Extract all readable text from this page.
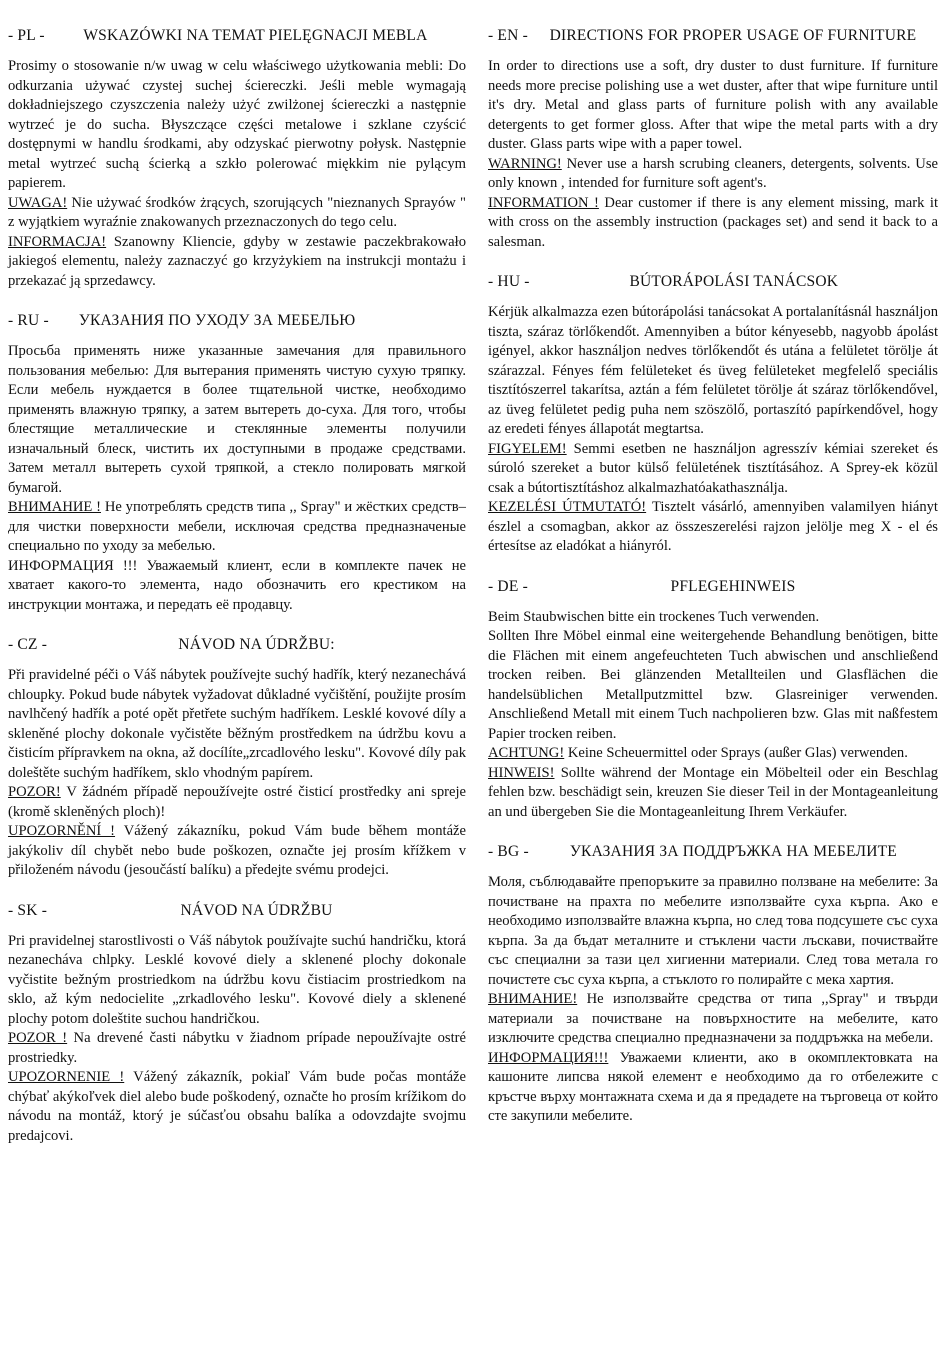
- PL -	WSKAZÓWKI NA TEMAT PIELĘGNACJI MEBLA

Prosimy o stosowanie n/w uwag w celu właściwego użytkowania mebli: Do odkurzania używać czystej suchej ściereczki. Jeśli meble wymagają dokładniejszego czyszczenia należy użyć zwilżonej ściereczki a następnie wytrzeć je do sucha. Błyszczące części metalowe i szklane czyścić dostępnymi w handlu środkami, aby odzyskać pierwotny połysk. Następnie metal wytrzeć suchą ścierką a szkło polerować miękkim nie pylącym papierem.

UWAGA! Nie używać środków żrących, szorujących "nieznanych Sprayów " z wyjątkiem wyraźnie znakowanych przeznaczonych do tego celu.

INFORMACJA! Szanowny Kliencie, gdyby w zestawie paczekbrakowało jakiegoś elementu, należy zaznaczyć go krzyżykiem na instrukcji montażu i przekazać ją sprzedawcy.

- RU -	УКАЗАНИЯ ПО УХОДУ ЗА МЕБЕЛЬЮ

Просьба применять ниже указанные замечания для правильного пользования мебелью: Для вытерания применять чистую сухую тряпку. Если мебель нуждается в более тщательной чистке, необходимо применять влажную тряпку, а затем вытереть до-суха. Для того, чтобы блестящие металлические и стеклянные элементы получили изначальный блеск, чистить их доступными в продаже средствами. Затем металл вытереть сухой тряпкой, а стекло полировать мягкой бумагой.

ВНИМАНИЕ ! Не употреблять средств типа ,, Spray" и жёстких средств– для чистки поверхности мебели, исключая средства предназначеные специально по уходу за мебелью.

ИНФОРМАЦИЯ !!! Уважаемый клиент, если в комплекте пачек не хватает какого-то элемента, надо обозначить его крестиком на инструкции монтажа, и передать её продавцу.

- CZ -	NÁVOD NA ÚDRŽBU:

Při pravidelné péči o Váš nábytek používejte suchý hadřík, který nezanechává chloupky. Pokud bude nábytek vyžadovat důkladné vyčištění, použijte prosím navlhčený hadřík a poté opět přetřete suchým hadříkem. Lesklé kovové díly a skleněné plochy dokonale vyčistěte běžným prostředkem na údržbu kovu a čisticím přípravkem na okna, až docílíte„zrcadlového lesku". Kovové díly pak doleštěte suchým hadříkem, sklo vhodným papírem.

POZOR! V žádném případě nepoužívejte ostré čisticí prostředky ani spreje (kromě skleněných ploch)!

UPOZORNĚNÍ ! Vážený zákazníku, pokud Vám bude během montáže jakýkoliv díl chybět nebo bude poškozen, označte jej prosím křížkem v přiloženém návodu (jesoučástí balíku) a předejte svému prodejci.

- SK -	NÁVOD NA ÚDRŽBU

Pri pravidelnej starostlivosti o Váš nábytok používajte suchú handričku, ktorá nezanecháva chlpky. Lesklé kovové diely a sklenené plochy dokonale vyčistite bežným prostriedkom na údržbu kovu čistiacim prostriedkom na sklo, až kým nedocielite „zrkadlového lesku". Kovové diely a sklenené plochy potom doleštite suchou handričkou.

POZOR ! Na drevené časti nábytku v žiadnom prípade nepoužívajte ostré prostriedky.

UPOZORNENIE ! Vážený zákazník, pokiaľ Vám bude počas montáže chýbať akýkoľvek diel alebo bude poškodený, označte ho prosím krížikom do návodu na montáž, ktorý je súčasťou obsahu balíka a odovzdajte svojmu predajcovi.

- EN -	DIRECTIONS FOR PROPER USAGE OF FURNITURE

In order to directions use a soft, dry duster to dust furniture. If furniture needs more precise polishing use a wet duster, after that wipe furniture until it's dry. Metal and glass parts of furniture polish with any available detergents to get former gloss. After that wipe the metal parts with a dry duster. Glass parts wipe with a paper towel.

WARNING! Never use a harsh scrubing cleaners, detergents, solvents. Use only known , intended for furniture soft agent's.

INFORMATION ! Dear customer if there is any element missing, mark it with cross on the assembly instruction (packages set) and send it back to a salesman.

- HU -	BÚTORÁPOLÁSI TANÁCSOK

Kérjük alkalmazza ezen bútorápolási tanácsokat A portalanításnál használjon tiszta, száraz törlőkendőt. Amennyiben a bútor kényesebb, nagyobb ápolást igényel, akkor használjon nedves törlőkendőt és utána a felületet törölje át szárazzal. Fényes fém felületeket és üveg felületeket megfelelő speciális tisztítószerrel takarítsa, aztán a fém felületet törölje át száraz törlőkendővel, az üveg felületet pedig puha nem szöszölő, portaszító papírkendővel, hogy az eredeti fényes állapotát megtartsa.

FIGYELEM! Semmi esetben ne használjon agresszív kémiai szereket és súroló szereket a butor külső felületének tisztításához. A Sprey-ek közül csak a bútortisztításhoz alkalmazhatóakathasználja.

KEZELÉSI ÚTMUTATÓ! Tisztelt vásárló, amennyiben valamilyen hiányt észlel a csomagban, akkor az összeszerelési rajzon jelölje meg X - el és értesítse az eladókat a hiányról.

- DE -	PFLEGEHINWEIS

Beim Staubwischen bitte ein trockenes Tuch verwenden.

Sollten Ihre Möbel einmal eine weitergehende Behandlung benötigen, bitte die Flächen mit einem angefeuchteten Tuch abwischen und anschließend trocken reiben. Bei glänzenden Metallteilen und Glasflächen die handelsüblichen Metallputzmittel bzw. Glasreiniger verwenden. Anschließend Metall mit einem Tuch nachpolieren bzw. Glas mit naßfestem Papier trocken reiben.

ACHTUNG! Keine Scheuermittel oder Sprays (außer Glas) verwenden.

HINWEIS! Sollte während der Montage ein Möbelteil oder ein Beschlag fehlen bzw. beschädigt sein, kreuzen Sie dieser Teil in der Montageanleitung an und übergeben Sie die Montageanleitung Ihrem Verkäufer.

- BG -	УКАЗАНИЯ ЗА ПОДДРЪЖКА НА МЕБЕЛИТЕ

Моля, съблюдавайте препоръките за правилно ползване на мебелите: За почистване на прахта по мебелите използвайте суха кърпа. Ако е необходимо използвайте влажна кърпа, но след това подсушете със суха кърпа. За да бъдат металните и стъклени части лъскави, почиствайте със специални за тази цел хигиенни материали. След това метала го почистете със суха кърпа, а стъклото го полирайте с мека хартия.

ВНИМАНИЕ! Не използвайте средства от типа ,,Spray" и твърди материали за почистване на повърхностите на мебелите, като изключите средства специално предназначени за поддръжка на мебели.

ИНФОРМАЦИЯ!!! Уважаеми клиенти, ако в окомплектовката на кашоните липсва някой елемент е необходимо да го отбележите с кръстче върху монтажната схема и да я предадете на търговеца от който сте закупили мебелите.
